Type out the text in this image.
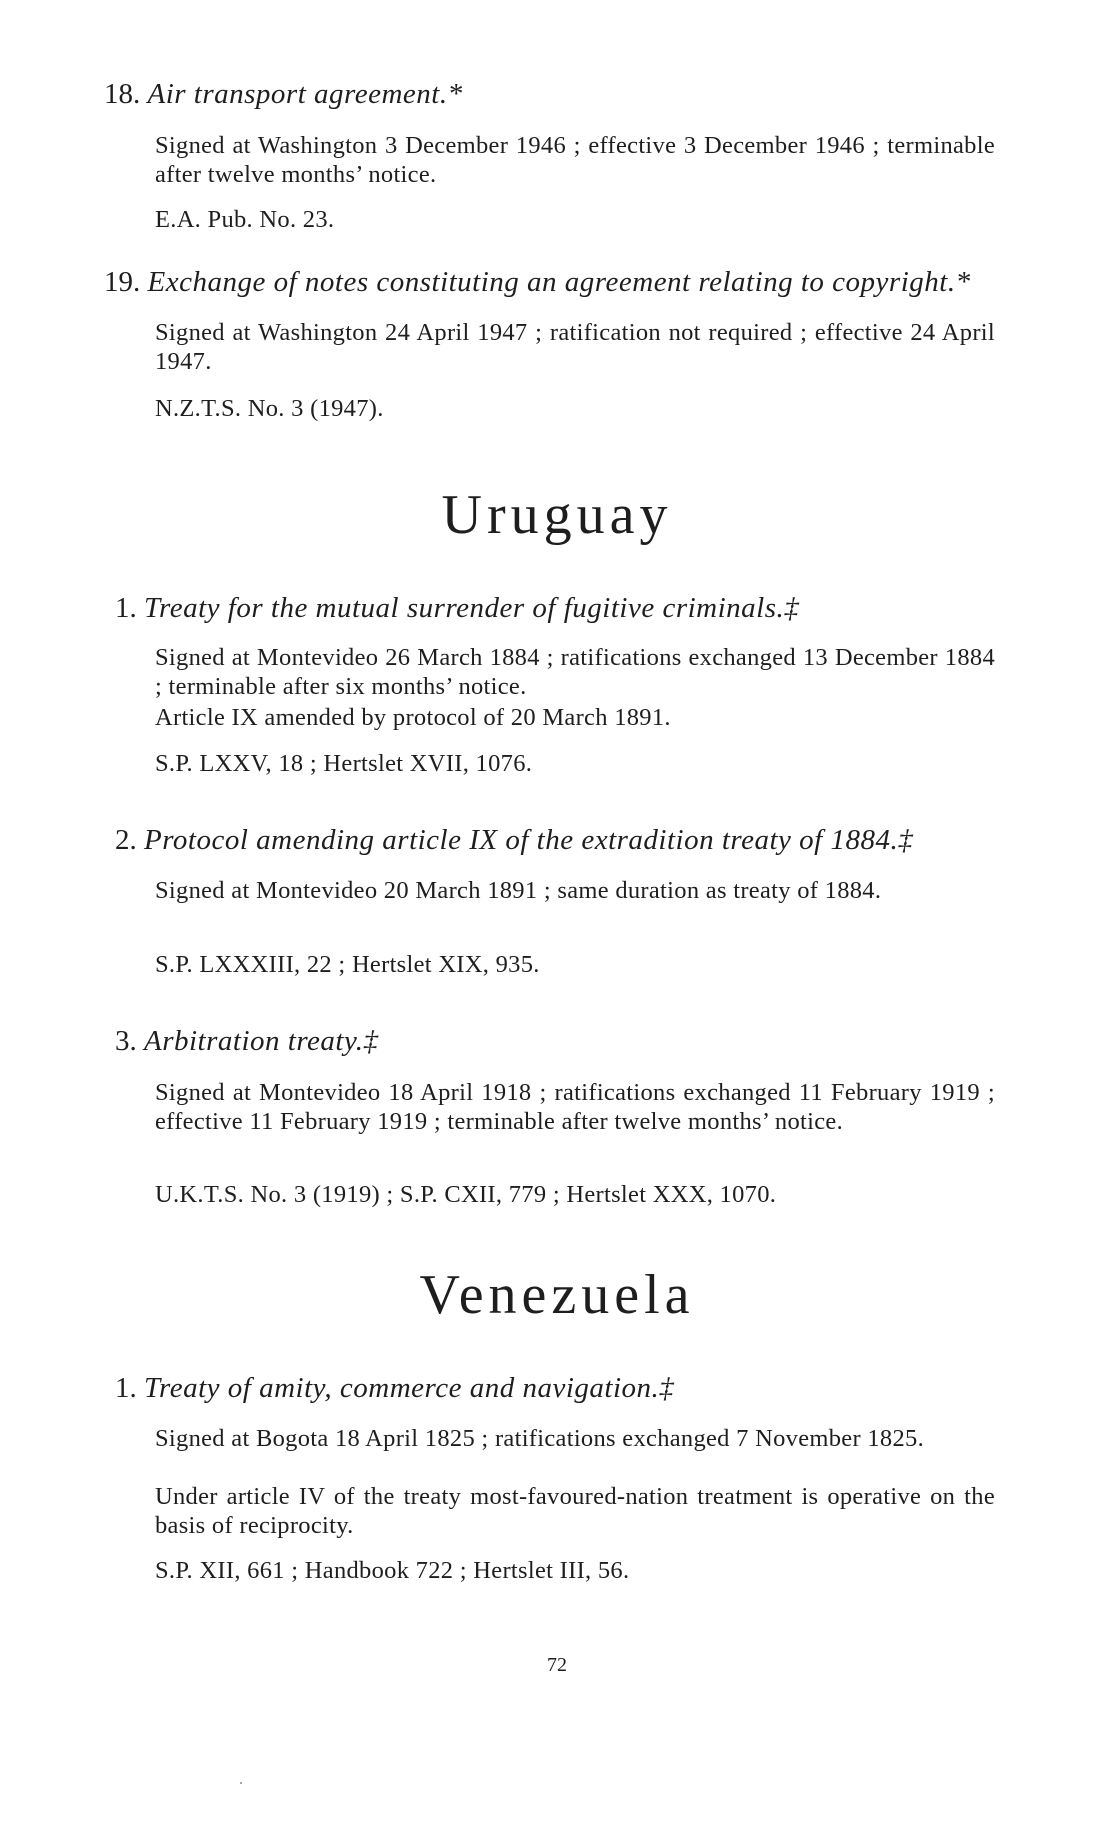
18. Air transport agreement.*
Signed at Washington 3 December 1946 ; effective 3 December 1946 ; terminable after twelve months’ notice.
E.A. Pub. No. 23.
19. Exchange of notes constituting an agreement relating to copyright.*
Signed at Washington 24 April 1947 ; ratification not required ; effective 24 April 1947.
N.Z.T.S. No. 3 (1947).
Uruguay
1. Treaty for the mutual surrender of fugitive criminals.‡
Signed at Montevideo 26 March 1884 ; ratifications exchanged 13 December 1884 ; terminable after six months’ notice.
Article IX amended by protocol of 20 March 1891.
S.P. LXXV, 18 ; Hertslet XVII, 1076.
2. Protocol amending article IX of the extradition treaty of 1884.‡
Signed at Montevideo 20 March 1891 ; same duration as treaty of 1884.
S.P. LXXXIII, 22 ; Hertslet XIX, 935.
3. Arbitration treaty.‡
Signed at Montevideo 18 April 1918 ; ratifications exchanged 11 February 1919 ; effective 11 February 1919 ; terminable after twelve months’ notice.
U.K.T.S. No. 3 (1919) ; S.P. CXII, 779 ; Hertslet XXX, 1070.
Venezuela
1. Treaty of amity, commerce and navigation.‡
Signed at Bogota 18 April 1825 ; ratifications exchanged 7 November 1825.
Under article IV of the treaty most-favoured-nation treatment is operative on the basis of reciprocity.
S.P. XII, 661 ; Handbook 722 ; Hertslet III, 56.
72
